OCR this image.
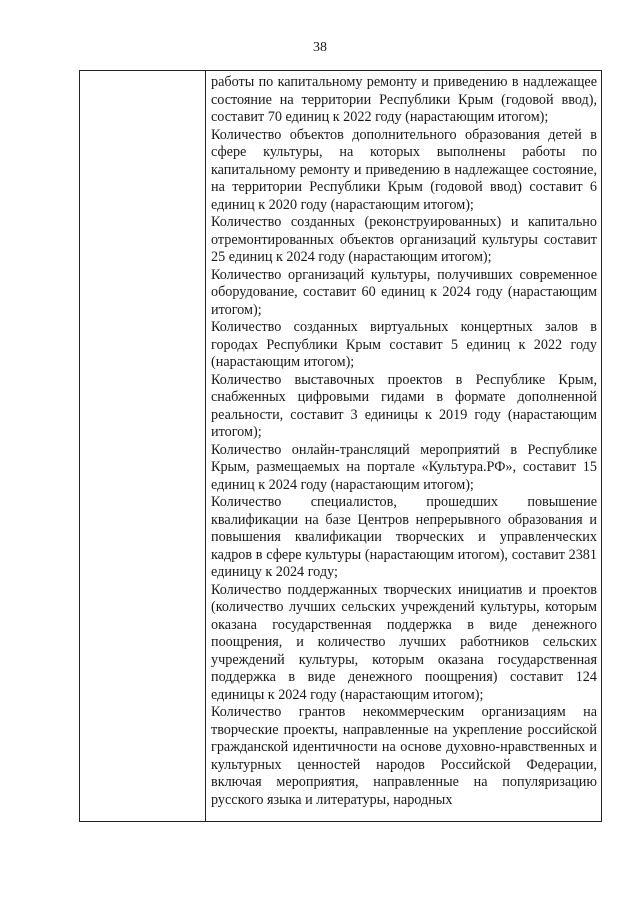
38

работы по капитальному ремонту и приведению в надлежащее состояние на территории Республики Крым (годовой ввод), составит 70 единиц к 2022 году (нарастающим итогом);

Количество объектов дополнительного образования детей в сфере культуры, на которых выполнены работы по капитальному ремонту и приведению в надлежащее состояние, на территории Республики Крым (годовой ввод) составит 6 единиц к 2020 году (нарастающим итогом);

Количество созданных (реконструированных) и капитально отремонтированных объектов организаций культуры составит 25 единиц к 2024 году (нарастающим итогом);

Количество организаций культуры, получивших современное оборудование, составит 60 единиц к 2024 году (нарастающим итогом);

Количество созданных виртуальных концертных залов в городах Республики Крым составит 5 единиц к 2022 году (нарастающим итогом);

Количество выставочных проектов в Республике Крым, снабженных цифровыми гидами в формате дополненной реальности, составит 3 единицы к 2019 году (нарастающим итогом);

Количество онлайн-трансляций мероприятий в Республике Крым, размещаемых на портале «Культура.РФ», составит 15 единиц к 2024 году (нарастающим итогом);

Количество специалистов, прошедших повышение квалификации на базе Центров непрерывного образования и повышения квалификации творческих и управленческих кадров в сфере культуры (нарастающим итогом), составит 2381 единицу к 2024 году;

Количество поддержанных творческих инициатив и проектов (количество лучших сельских учреждений культуры, которым оказана государственная поддержка в виде денежного поощрения, и количество лучших работников сельских учреждений культуры, которым оказана государственная поддержка в виде денежного поощрения) составит 124 единицы к 2024 году (нарастающим итогом);

Количество грантов некоммерческим организациям на творческие проекты, направленные на укрепление российской гражданской идентичности на основе духовно-нравственных и культурных ценностей народов Российской Федерации, включая мероприятия, направленные на популяризацию русского языка и литературы, народных
